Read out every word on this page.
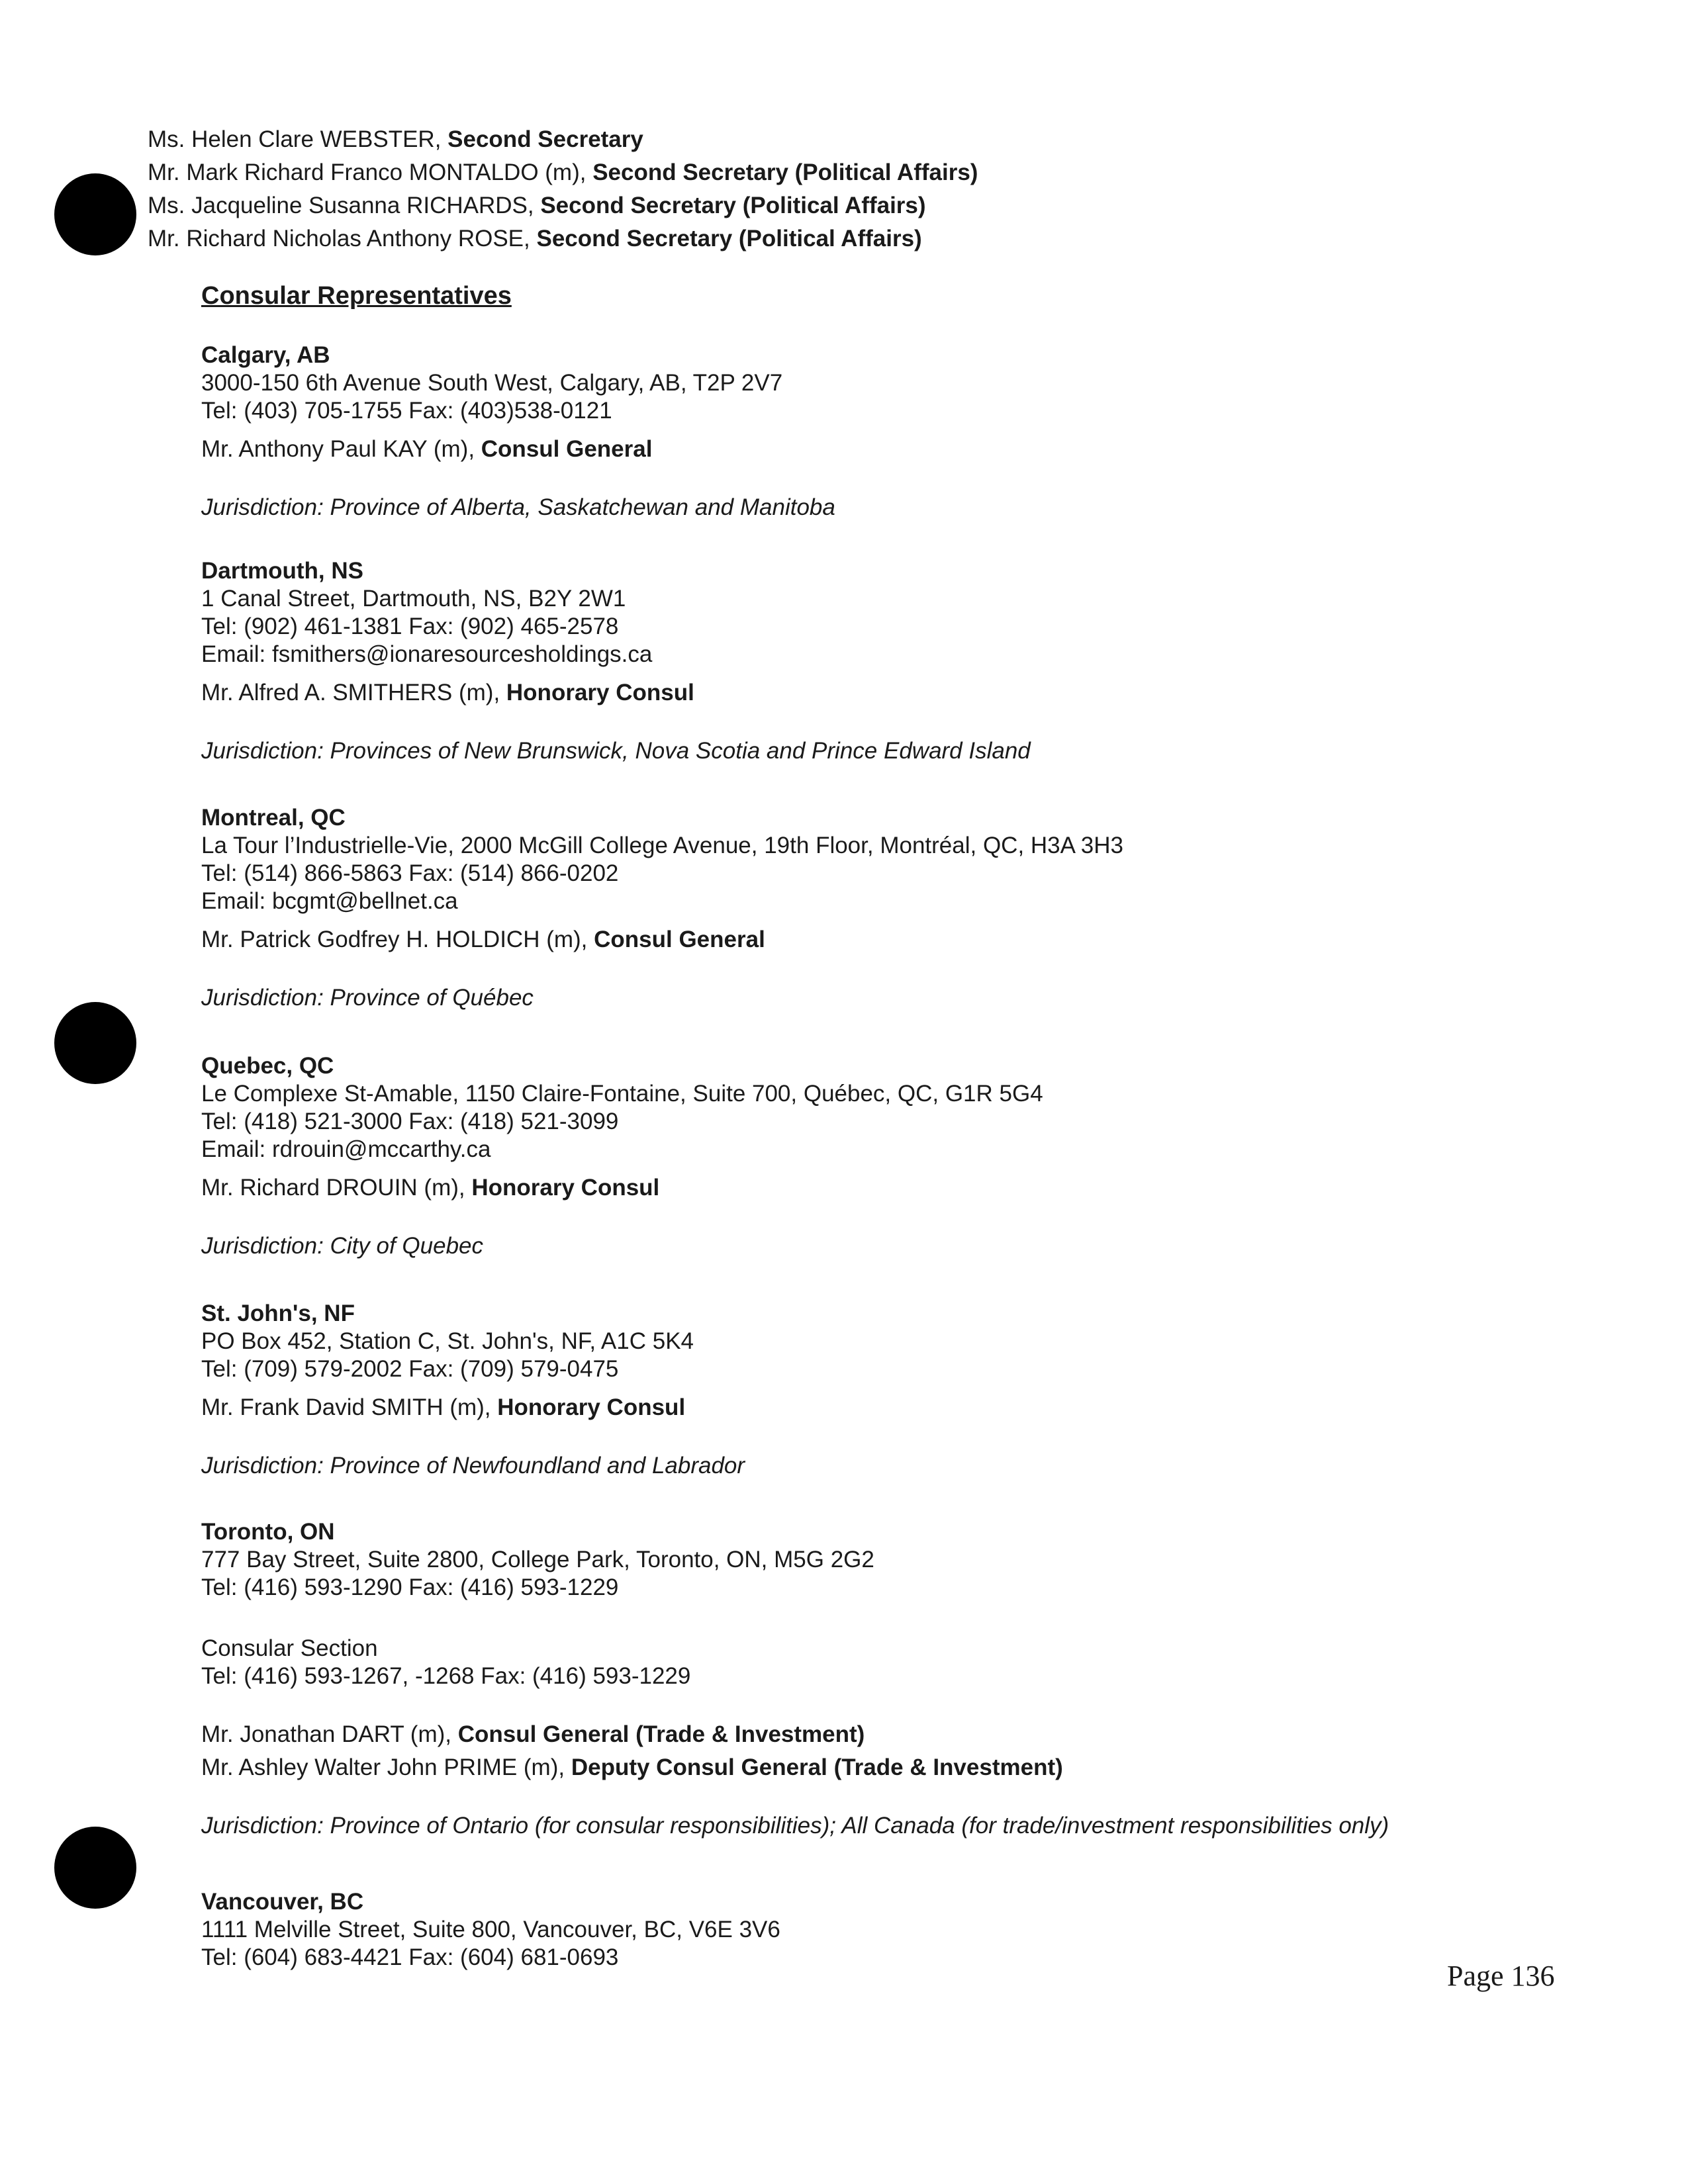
Ms. Helen Clare WEBSTER, Second Secretary
Mr. Mark Richard Franco MONTALDO (m), Second Secretary (Political Affairs)
Ms. Jacqueline Susanna RICHARDS, Second Secretary (Political Affairs)
Mr. Richard Nicholas Anthony ROSE, Second Secretary (Political Affairs)
Consular Representatives
Calgary, AB
3000-150 6th Avenue South West, Calgary, AB, T2P 2V7
Tel: (403) 705-1755 Fax: (403)538-0121
Mr. Anthony Paul KAY (m), Consul General
Jurisdiction: Province of Alberta, Saskatchewan and Manitoba
Dartmouth, NS
1 Canal Street, Dartmouth, NS, B2Y 2W1
Tel: (902) 461-1381 Fax: (902) 465-2578
Email: fsmithers@ionaresourcesholdings.ca
Mr. Alfred A. SMITHERS (m), Honorary Consul
Jurisdiction: Provinces of New Brunswick, Nova Scotia and Prince Edward Island
Montreal, QC
La Tour l’Industrielle-Vie, 2000 McGill College Avenue, 19th Floor, Montréal, QC, H3A 3H3
Tel: (514) 866-5863 Fax: (514) 866-0202
Email: bcgmt@bellnet.ca
Mr. Patrick Godfrey H. HOLDICH (m), Consul General
Jurisdiction: Province of Québec
Quebec, QC
Le Complexe St-Amable, 1150 Claire-Fontaine, Suite 700, Québec, QC, G1R 5G4
Tel: (418) 521-3000 Fax: (418) 521-3099
Email: rdrouin@mccarthy.ca
Mr. Richard DROUIN (m), Honorary Consul
Jurisdiction: City of Quebec
St. John's, NF
PO Box 452, Station C, St. John's, NF, A1C 5K4
Tel: (709) 579-2002 Fax: (709) 579-0475
Mr. Frank David SMITH (m), Honorary Consul
Jurisdiction: Province of Newfoundland and Labrador
Toronto, ON
777 Bay Street, Suite 2800, College Park, Toronto, ON, M5G 2G2
Tel: (416) 593-1290 Fax: (416) 593-1229
Consular Section
Tel: (416) 593-1267, -1268 Fax: (416) 593-1229
Mr. Jonathan DART (m), Consul General (Trade & Investment)
Mr. Ashley Walter John PRIME (m), Deputy Consul General (Trade & Investment)
Jurisdiction: Province of Ontario (for consular responsibilities); All Canada (for trade/investment responsibilities only)
Vancouver, BC
1111 Melville Street, Suite 800, Vancouver, BC, V6E 3V6
Tel: (604) 683-4421 Fax: (604) 681-0693
Page 136
